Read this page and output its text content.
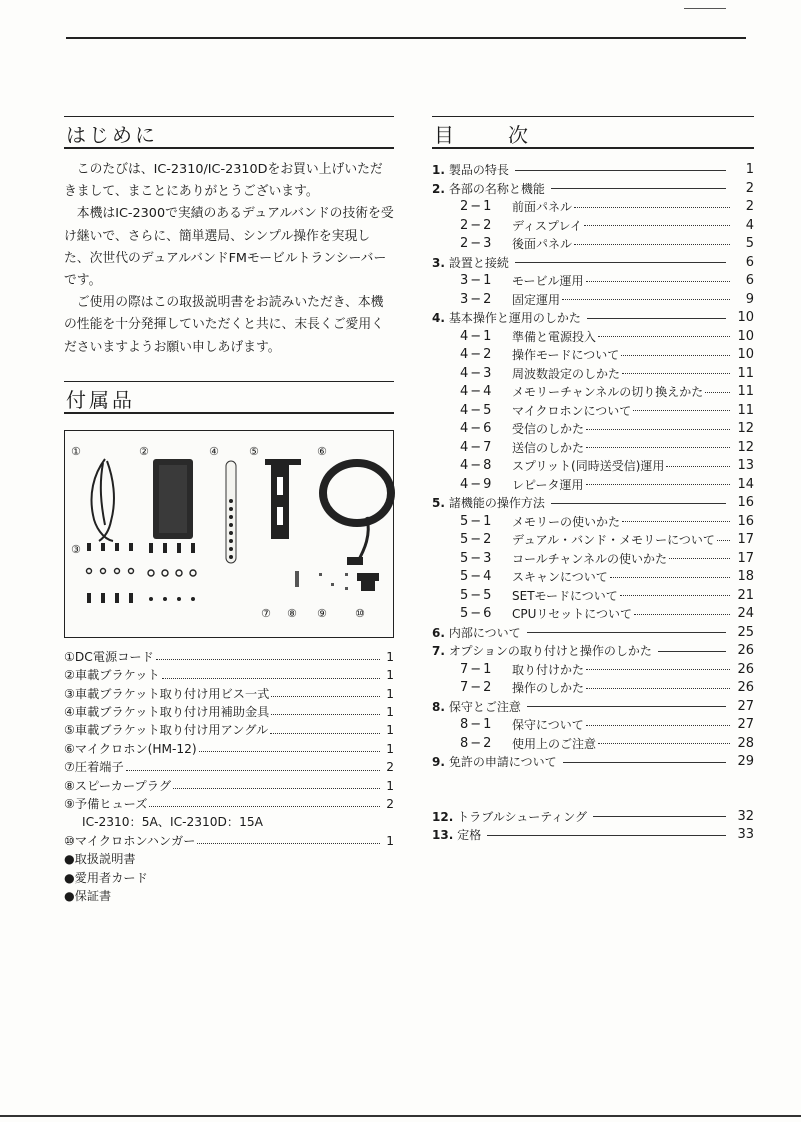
はじめに

このたびは、IC-2310/IC-2310Dをお買い上げいただきまして、まことにありがとうございます。

本機はIC-2300で実績のあるデュアルバンドの技術を受け継いで、さらに、簡単選局、シンプル操作を実現した、次世代のデュアルバンドFMモービルトランシーバーです。

ご使用の際はこの取扱説明書をお読みいただき、本機の性能を十分発揮していただくと共に、末長くご愛用くださいますようお願い申しあげます。

付属品
①	②	④	⑤	⑥
③
⑦ ⑧ ⑨	⑩
①DC電源コード	1
②車載ブラケット	1
③車載ブラケット取り付け用ビス一式	1
④車載ブラケット取り付け用補助金具	1
⑤車載ブラケット取り付け用アングル	1
⑥マイクロホン(HM-12)	1
⑦圧着端子	2
⑧スピーカープラグ	1
⑨予備ヒューズ	2
IC-2310：5A、IC-2310D：15A
⑩マイクロホンハンガー	1
●取扱説明書
●愛用者カード
●保証書
目次
1. 製品の特長	1
2. 各部の名称と機能	2
2−1	前面パネル	2
2−2	ディスプレイ	4
2−3	後面パネル	5
3. 設置と接続	6
3−1	モービル運用	6
3−2	固定運用	9
4. 基本操作と運用のしかた	10
4−1	準備と電源投入	10
4−2	操作モードについて	10
4−3	周波数設定のしかた	11
4−4	メモリーチャンネルの切り換えかた	11
4−5	マイクロホンについて	11
4−6	受信のしかた	12
4−7	送信のしかた	12
4−8	スプリット(同時送受信)運用	13
4−9	レピータ運用	14
5. 諸機能の操作方法	16
5−1	メモリーの使いかた	16
5−2	デュアル・バンド・メモリーについて	17
5−3	コールチャンネルの使いかた	17
5−4	スキャンについて	18
5−5	SETモードについて	21
5−6	CPUリセットについて	24
6. 内部について	25
7. オプションの取り付けと操作のしかた	26
7−1	取り付けかた	26
7−2	操作のしかた	26
8. 保守とご注意	27
8−1	保守について	27
8−2	使用上のご注意	28
9. 免許の申請について	29
12. トラブルシューティング	32
13. 定格	33
